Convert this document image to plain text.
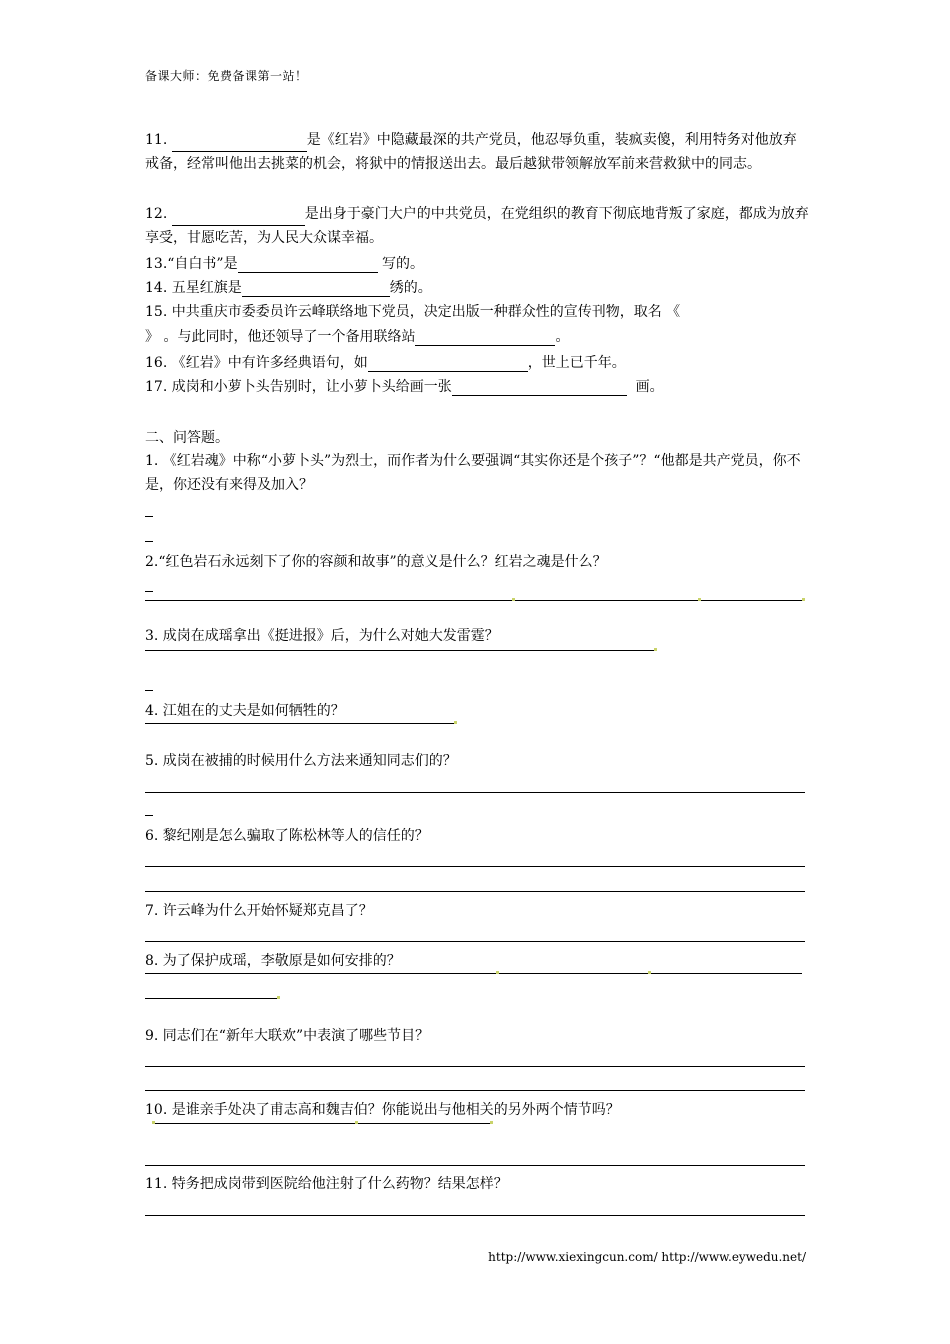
备课大师：免费备课第一站！
11.	是《红岩》中隐藏最深的共产党员，他忍辱负重，装疯卖傻，利用特务对他放弃戒备，经常叫他出去挑菜的机会，将狱中的情报送出去。最后越狱带领解放军前来营救狱中的同志。
12.	是出身于豪门大户的中共党员，在党组织的教育下彻底地背叛了家庭，都成为放弃享受，甘愿吃苦，为人民大众谋幸福。
13.“自白书”是	写的。
14. 五星红旗是	绣的。
15. 中共重庆市委委员许云峰联络地下党员，决定出版一种群众性的宣传刊物，取名 《
》 。与此同时，他还领导了一个备用联络站	。
16. 《红岩》中有许多经典语句，如	，世上已千年。
17. 成岗和小萝卜头告别时，让小萝卜头给画一张	画。
二、问答题。
1. 《红岩魂》中称“小萝卜头”为烈士，而作者为什么要强调“其实你还是个孩子”？“他都是共产党员，你不是，你还没有来得及加入？
2.“红色岩石永远刻下了你的容颜和故事”的意义是什么？红岩之魂是什么？
3. 成岗在成瑶拿出《挺进报》后，为什么对她大发雷霆？
4. 江姐在的丈夫是如何牺牲的？
5. 成岗在被捕的时候用什么方法来通知同志们的？
6. 黎纪刚是怎么骗取了陈松林等人的信任的？
7. 许云峰为什么开始怀疑郑克昌了？
8. 为了保护成瑶，李敬原是如何安排的？
9. 同志们在“新年大联欢”中表演了哪些节目？
10. 是谁亲手处决了甫志高和魏吉伯？你能说出与他相关的另外两个情节吗？
11. 特务把成岗带到医院给他注射了什么药物？结果怎样？
http://www.xiexingcun.com/ http://www.eywedu.net/
